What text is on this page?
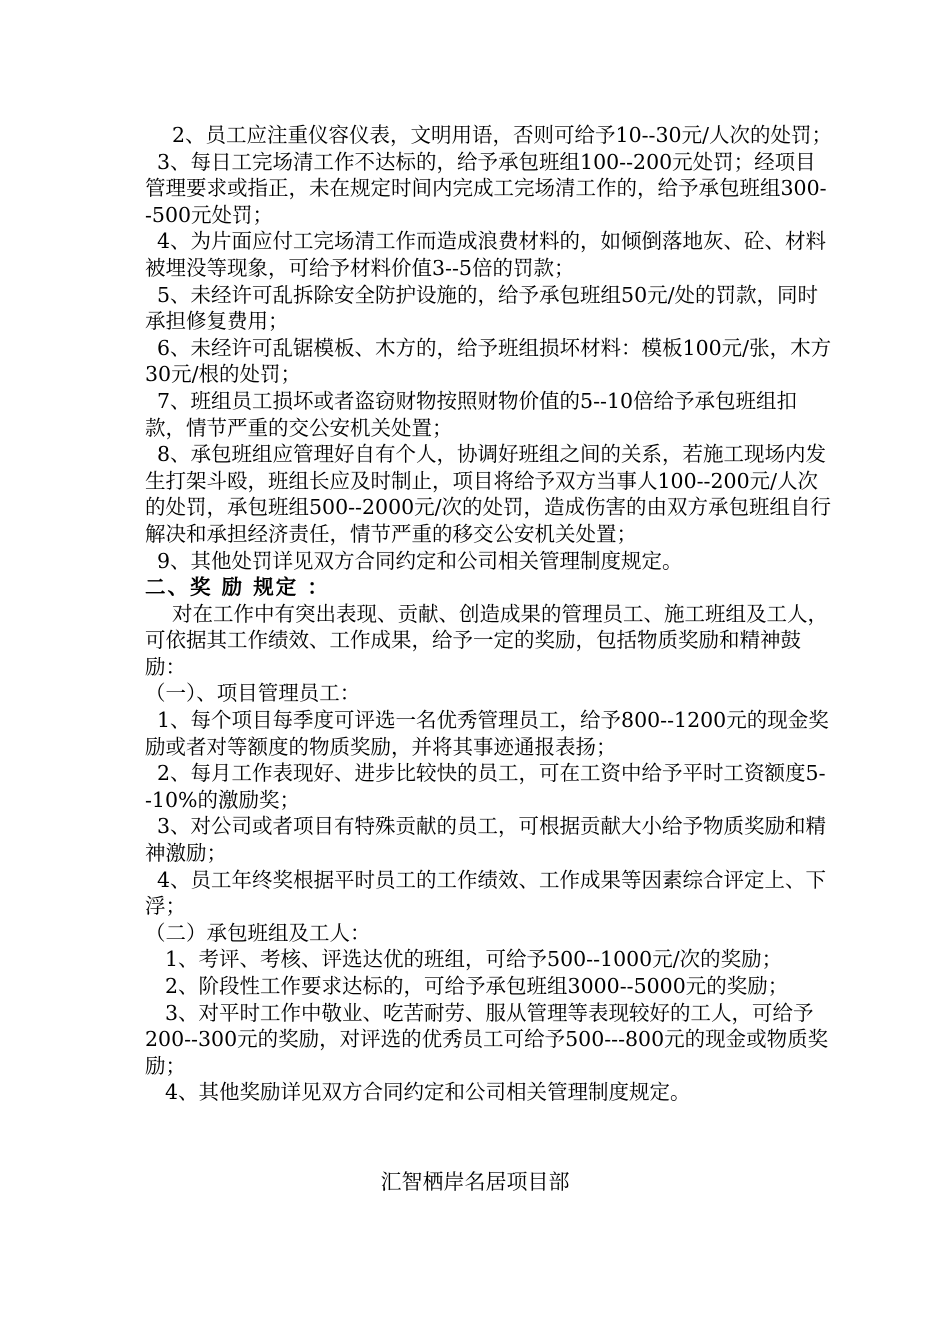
2、员工应注重仪容仪表，文明用语，否则可给予10--30元/人次的处罚；

3、每日工完场清工作不达标的，给予承包班组100--200元处罚；经项目管理要求或指正，未在规定时间内完成工完场清工作的，给予承包班组300--500元处罚；

4、为片面应付工完场清工作而造成浪费材料的，如倾倒落地灰、砼、材料被埋没等现象，可给予材料价值3--5倍的罚款；

5、未经许可乱拆除安全防护设施的，给予承包班组50元/处的罚款，同时承担修复费用；

6、未经许可乱锯模板、木方的，给予班组损坏材料：模板100元/张，木方30元/根的处罚；

7、班组员工损坏或者盗窃财物按照财物价值的5--10倍给予承包班组扣款，情节严重的交公安机关处置；

8、承包班组应管理好自有个人，协调好班组之间的关系，若施工现场内发生打架斗殴，班组长应及时制止，项目将给予双方当事人100--200元/人次的处罚，承包班组500--2000元/次的处罚，造成伤害的由双方承包班组自行解决和承担经济责任，情节严重的移交公安机关处置；

9、其他处罚详见双方合同约定和公司相关管理制度规定。

二、奖 励 规定 ：

对在工作中有突出表现、贡献、创造成果的管理员工、施工班组及工人，可依据其工作绩效、工作成果，给予一定的奖励，包括物质奖励和精神鼓励：

（一）、项目管理员工：

1、每个项目每季度可评选一名优秀管理员工，给予800--1200元的现金奖励或者对等额度的物质奖励，并将其事迹通报表扬；

2、每月工作表现好、进步比较快的员工，可在工资中给予平时工资额度5--10%的激励奖；

3、对公司或者项目有特殊贡献的员工，可根据贡献大小给予物质奖励和精神激励；

4、员工年终奖根据平时员工的工作绩效、工作成果等因素综合评定上、下浮；

（二）承包班组及工人：

1、考评、考核、评选达优的班组，可给予500--1000元/次的奖励；

2、阶段性工作要求达标的，可给予承包班组3000--5000元的奖励；

3、对平时工作中敬业、吃苦耐劳、服从管理等表现较好的工人，可给予200--300元的奖励，对评选的优秀员工可给予500---800元的现金或物质奖励；

4、其他奖励详见双方合同约定和公司相关管理制度规定。

汇智栖岸名居项目部
